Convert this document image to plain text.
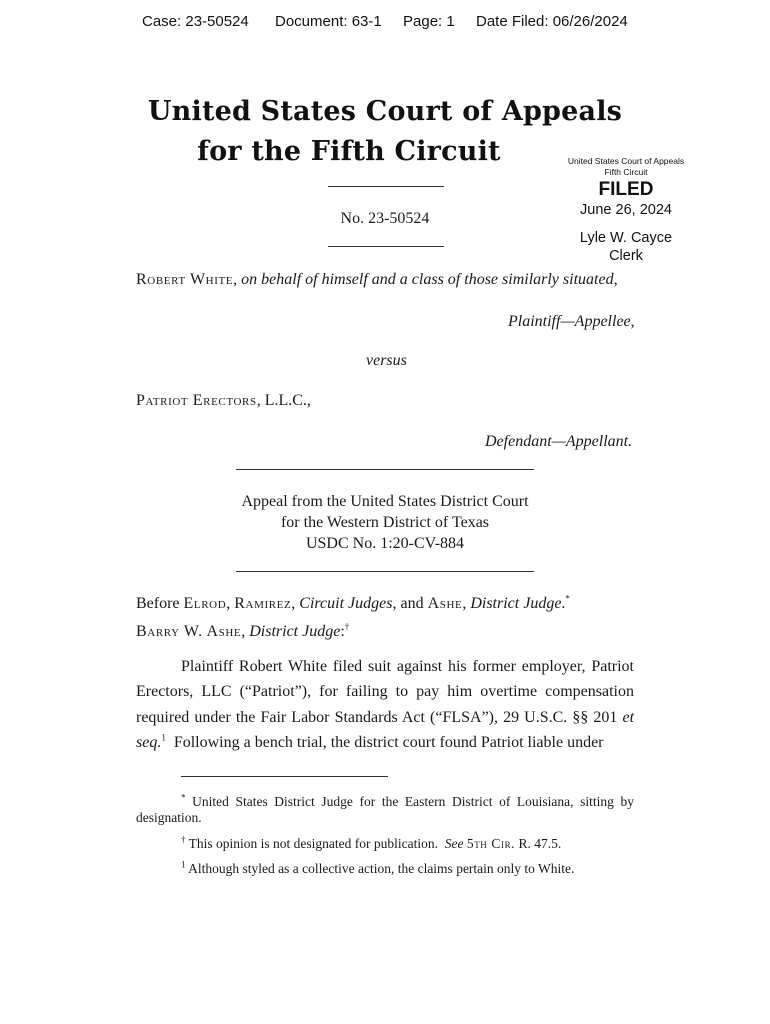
Case: 23-50524 Document: 63-1 Page: 1 Date Filed: 06/26/2024
United States Court of Appeals
for the Fifth Circuit	United States Court of Appeals
Fifth Circuit
FILED
June 26, 2024
Lyle W. Cayce
Clerk
No. 23-50524
Robert White, on behalf of himself and a class of those similarly situated,
Plaintiff—Appellee,
versus
Patriot Erectors, L.L.C.,
Defendant—Appellant.
Appeal from the United States District Court
for the Western District of Texas
USDC No. 1:20-CV-884
Before Elrod, Ramirez, Circuit Judges, and Ashe, District Judge.*
Barry W. Ashe, District Judge:†
Plaintiff Robert White filed suit against his former employer, Patriot Erectors, LLC (“Patriot”), for failing to pay him overtime compensation required under the Fair Labor Standards Act (“FLSA”), 29 U.S.C. §§ 201 et seq.$^1$ Following a bench trial, the district court found Patriot liable under
* United States District Judge for the Eastern District of Louisiana, sitting by designation.
† This opinion is not designated for publication. See 5th Cir. R. 47.5.
$^1$ Although styled as a collective action, the claims pertain only to White.
